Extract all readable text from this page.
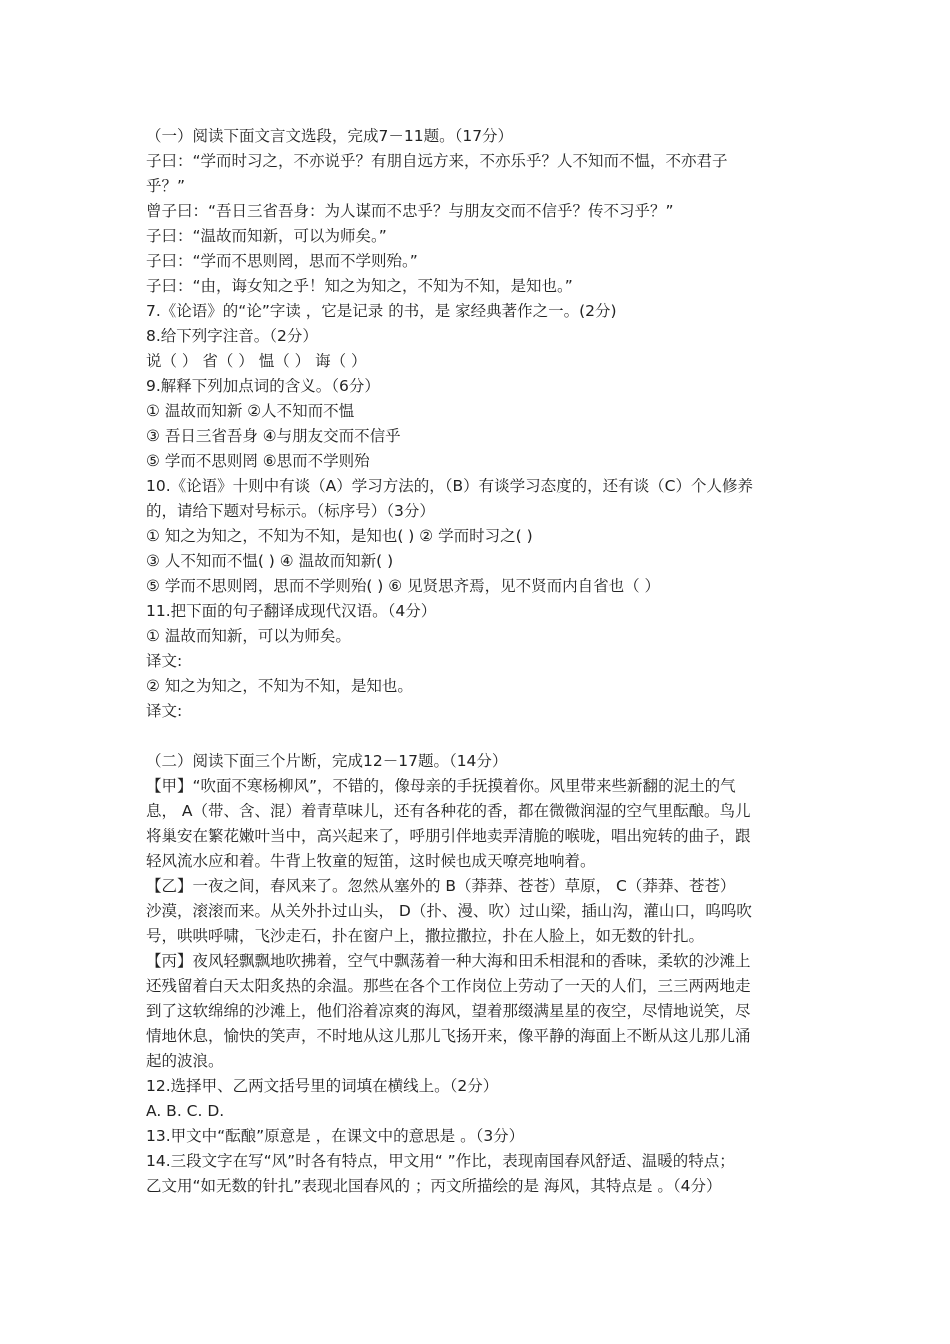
（一）阅读下面文言文选段，完成7－11题。（17分）
子曰：“学而时习之，不亦说乎？有朋自远方来，不亦乐乎？人不知而不愠，不亦君子
乎？”
曾子曰：“吾日三省吾身：为人谋而不忠乎？与朋友交而不信乎？传不习乎？”
子曰：“温故而知新，可以为师矣。”
子曰：“学而不思则罔，思而不学则殆。”
子曰：“由，诲女知之乎！知之为知之，不知为不知，是知也。”
7.《论语》的“论”字读 ，它是记录 的书，是 家经典著作之一。(2分)
8.给下列字注音。（2分）
说（ ） 省（ ） 愠（ ） 诲（ ）
9.解释下列加点词的含义。（6分）
① 温故而知新 ②人不知而不愠
③ 吾日三省吾身 ④与朋友交而不信乎
⑤ 学而不思则罔 ⑥思而不学则殆
10.《论语》十则中有谈（A）学习方法的，（B）有谈学习态度的，还有谈（C）个人修养
的，请给下题对号标示。（标序号）（3分）
① 知之为知之，不知为不知，是知也( ) ② 学而时习之( )
③ 人不知而不愠( ) ④ 温故而知新( )
⑤ 学而不思则罔，思而不学则殆( ) ⑥ 见贤思齐焉，见不贤而内自省也（ ）
11.把下面的句子翻译成现代汉语。（4分）
① 温故而知新，可以为师矣。
译文:
② 知之为知之，不知为不知，是知也。
译文:
（二）阅读下面三个片断，完成12－17题。（14分）
【甲】“吹面不寒杨柳风”，不错的，像母亲的手抚摸着你。风里带来些新翻的泥土的气
息， A（带、含、混）着青草味儿，还有各种花的香，都在微微润湿的空气里酝酿。鸟儿
将巢安在繁花嫩叶当中，高兴起来了，呼朋引伴地卖弄清脆的喉咙，唱出宛转的曲子，跟
轻风流水应和着。牛背上牧童的短笛，这时候也成天嘹亮地响着。
【乙】一夜之间，春风来了。忽然从塞外的 B（莽莽、苍苍）草原， C（莽莽、苍苍）
沙漠，滚滚而来。从关外扑过山头， D（扑、漫、吹）过山梁，插山沟，灌山口，呜呜吹
号，哄哄呼啸，飞沙走石，扑在窗户上，撒拉撒拉，扑在人脸上，如无数的针扎。
【丙】夜风轻飘飘地吹拂着，空气中飘荡着一种大海和田禾相混和的香味，柔软的沙滩上
还残留着白天太阳炙热的余温。那些在各个工作岗位上劳动了一天的人们，三三两两地走
到了这软绵绵的沙滩上，他们浴着凉爽的海风，望着那缀满星星的夜空，尽情地说笑，尽
情地休息，愉快的笑声，不时地从这儿那儿飞扬开来，像平静的海面上不断从这儿那儿涌
起的波浪。
12.选择甲、乙两文括号里的词填在横线上。（2分）
A. B. C. D.
13.甲文中“酝酿”原意是 ，在课文中的意思是 。（3分）
14.三段文字在写“风”时各有特点，甲文用“ ”作比，表现南国春风舒适、温暖的特点；
乙文用“如无数的针扎”表现北国春风的 ；丙文所描绘的是 海风，其特点是 。（4分）
